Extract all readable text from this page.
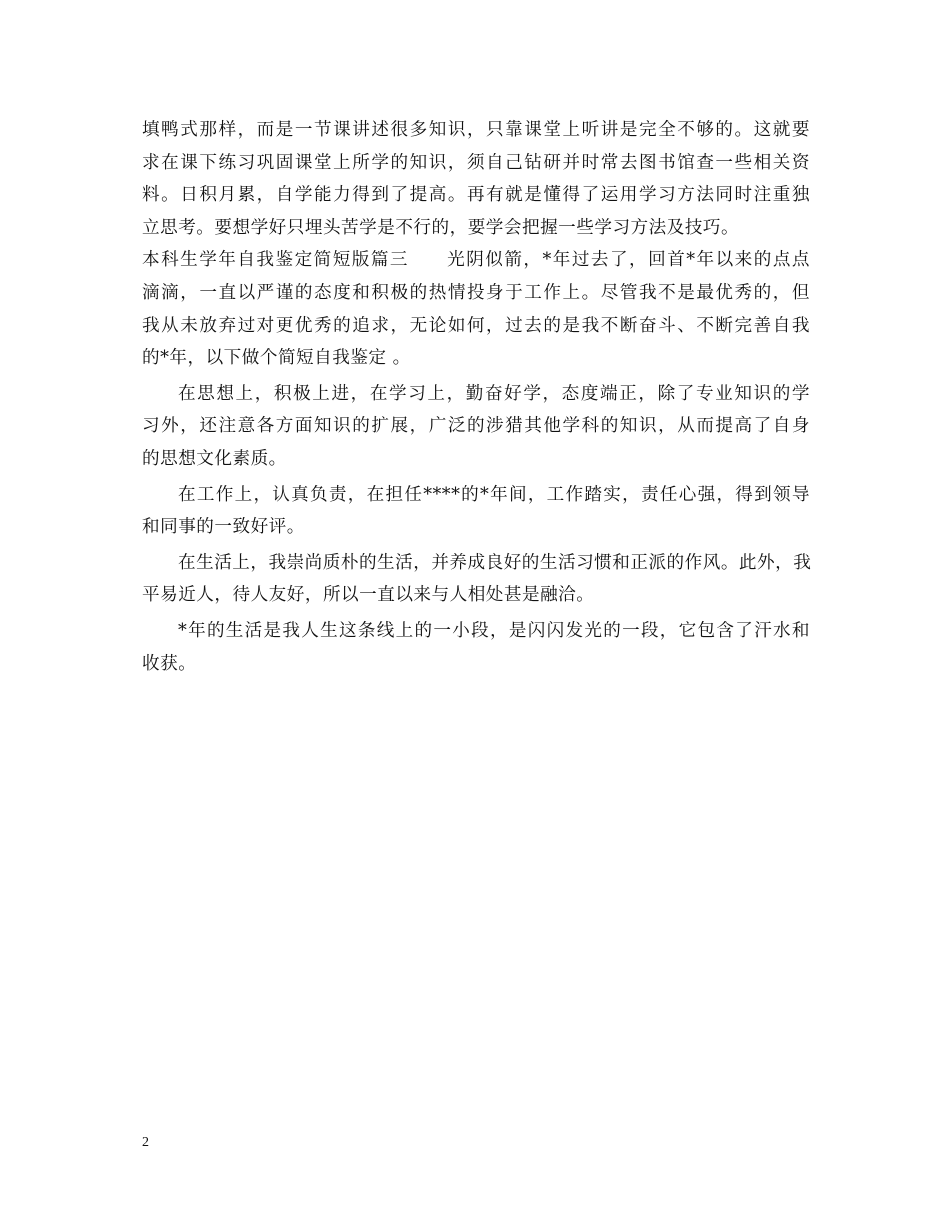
填鸭式那样，而是一节课讲述很多知识，只靠课堂上听讲是完全不够的。这就要
求在课下练习巩固课堂上所学的知识，须自己钻研并时常去图书馆查一些相关资
料。日积月累，自学能力得到了提高。再有就是懂得了运用学习方法同时注重独
立思考。要想学好只埋头苦学是不行的，要学会把握一些学习方法及技巧。
本科生学年自我鉴定简短版篇三　　光阴似箭，*年过去了，回首*年以来的点点
滴滴，一直以严谨的态度和积极的热情投身于工作上。尽管我不是最优秀的，但
我从未放弃过对更优秀的追求，无论如何，过去的是我不断奋斗、不断完善自我
的*年，以下做个简短自我鉴定 。
在思想上，积极上进，在学习上，勤奋好学，态度端正，除了专业知识的学
习外，还注意各方面知识的扩展，广泛的涉猎其他学科的知识，从而提高了自身
的思想文化素质。
在工作上，认真负责，在担任****的*年间，工作踏实，责任心强，得到领导
和同事的一致好评。
在生活上，我崇尚质朴的生活，并养成良好的生活习惯和正派的作风。此外，我
平易近人，待人友好，所以一直以来与人相处甚是融洽。
*年的生活是我人生这条线上的一小段，是闪闪发光的一段，它包含了汗水和
收获。
2
